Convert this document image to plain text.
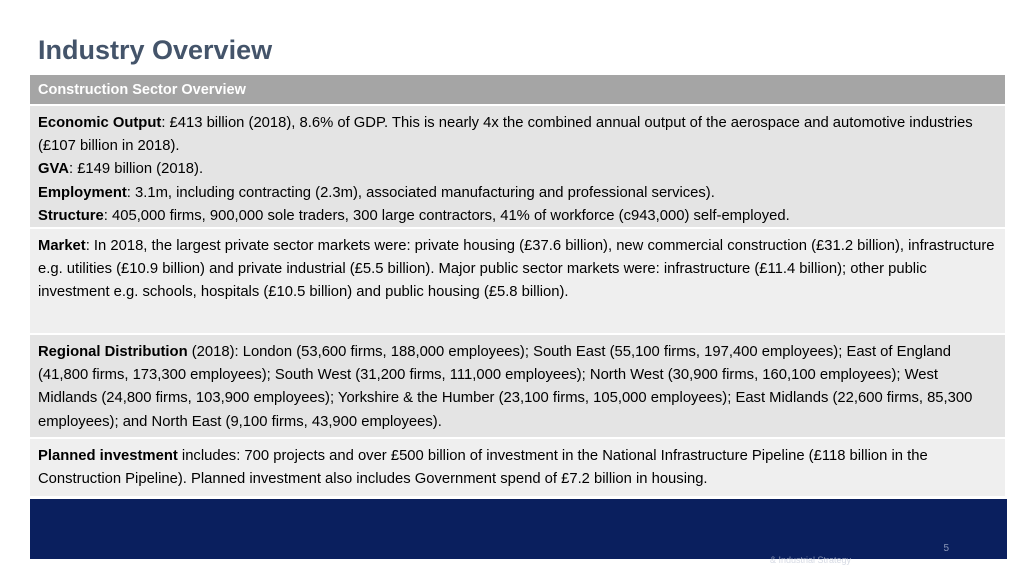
Industry Overview
Construction Sector Overview
Economic Output: £413 billion (2018), 8.6% of GDP. This is nearly 4x the combined annual output of the aerospace and automotive industries (£107 billion in 2018).
GVA: £149 billion (2018).
Employment: 3.1m, including contracting (2.3m), associated manufacturing and professional services).
Structure: 405,000 firms, 900,000 sole traders, 300 large contractors, 41% of workforce (c943,000) self-employed.
Market: In 2018, the largest private sector markets were: private housing (£37.6 billion), new commercial construction (£31.2 billion), infrastructure e.g. utilities (£10.9 billion) and private industrial (£5.5 billion). Major public sector markets were: infrastructure (£11.4 billion); other public investment e.g. schools, hospitals (£10.5 billion) and public housing (£5.8 billion).
Regional Distribution (2018): London (53,600 firms, 188,000 employees); South East (55,100 firms, 197,400 employees); East of England (41,800 firms, 173,300 employees); South West (31,200 firms, 111,000 employees); North West (30,900 firms, 160,100 employees); West Midlands (24,800 firms, 103,900 employees); Yorkshire & the Humber (23,100 firms, 105,000 employees); East Midlands (22,600 firms, 85,300 employees); and North East (9,100 firms, 43,900 employees).
Planned investment includes: 700 projects and over £500 billion of investment in the National Infrastructure Pipeline (£118 billion in the Construction Pipeline). Planned investment also includes Government spend of £7.2 billion in housing.
5
& Industrial Strategy
